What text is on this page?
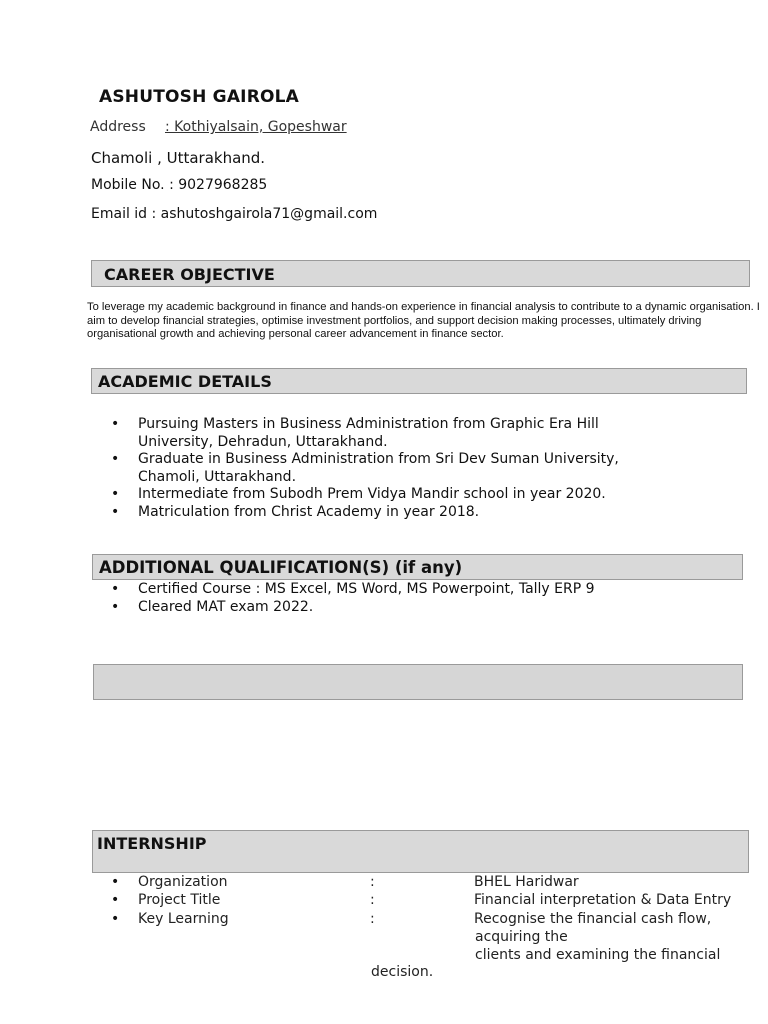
ASHUTOSH GAIROLA
Address : Kothiyalsain, Gopeshwar
Chamoli , Uttarakhand.
Mobile No. : 9027968285
Email id : ashutoshgairola71@gmail.com
CAREER OBJECTIVE
To leverage my academic background in finance and hands-on experience in financial analysis to contribute to a dynamic organisation. I aim to develop financial strategies, optimise investment portfolios, and support decision making processes, ultimately driving organisational growth and achieving personal career advancement in finance sector.
ACADEMIC DETAILS
• Pursuing Masters in Business Administration from Graphic Era Hill University, Dehradun, Uttarakhand.
• Graduate in Business Administration from Sri Dev Suman University, Chamoli, Uttarakhand.
• Intermediate from Subodh Prem Vidya Mandir school in year 2020.
• Matriculation from Christ Academy in year 2018.
ADDITIONAL QUALIFICATION(S) (if any)
• Certified Course : MS Excel, MS Word, MS Powerpoint, Tally ERP 9
• Cleared MAT exam 2022.
INTERNSHIP
• Organization	:	BHEL Haridwar
• Project Title	:	Financial interpretation & Data Entry
• Key Learning	:	Recognise the financial cash flow,
acquiring the
clients and examining the financial
decision.
